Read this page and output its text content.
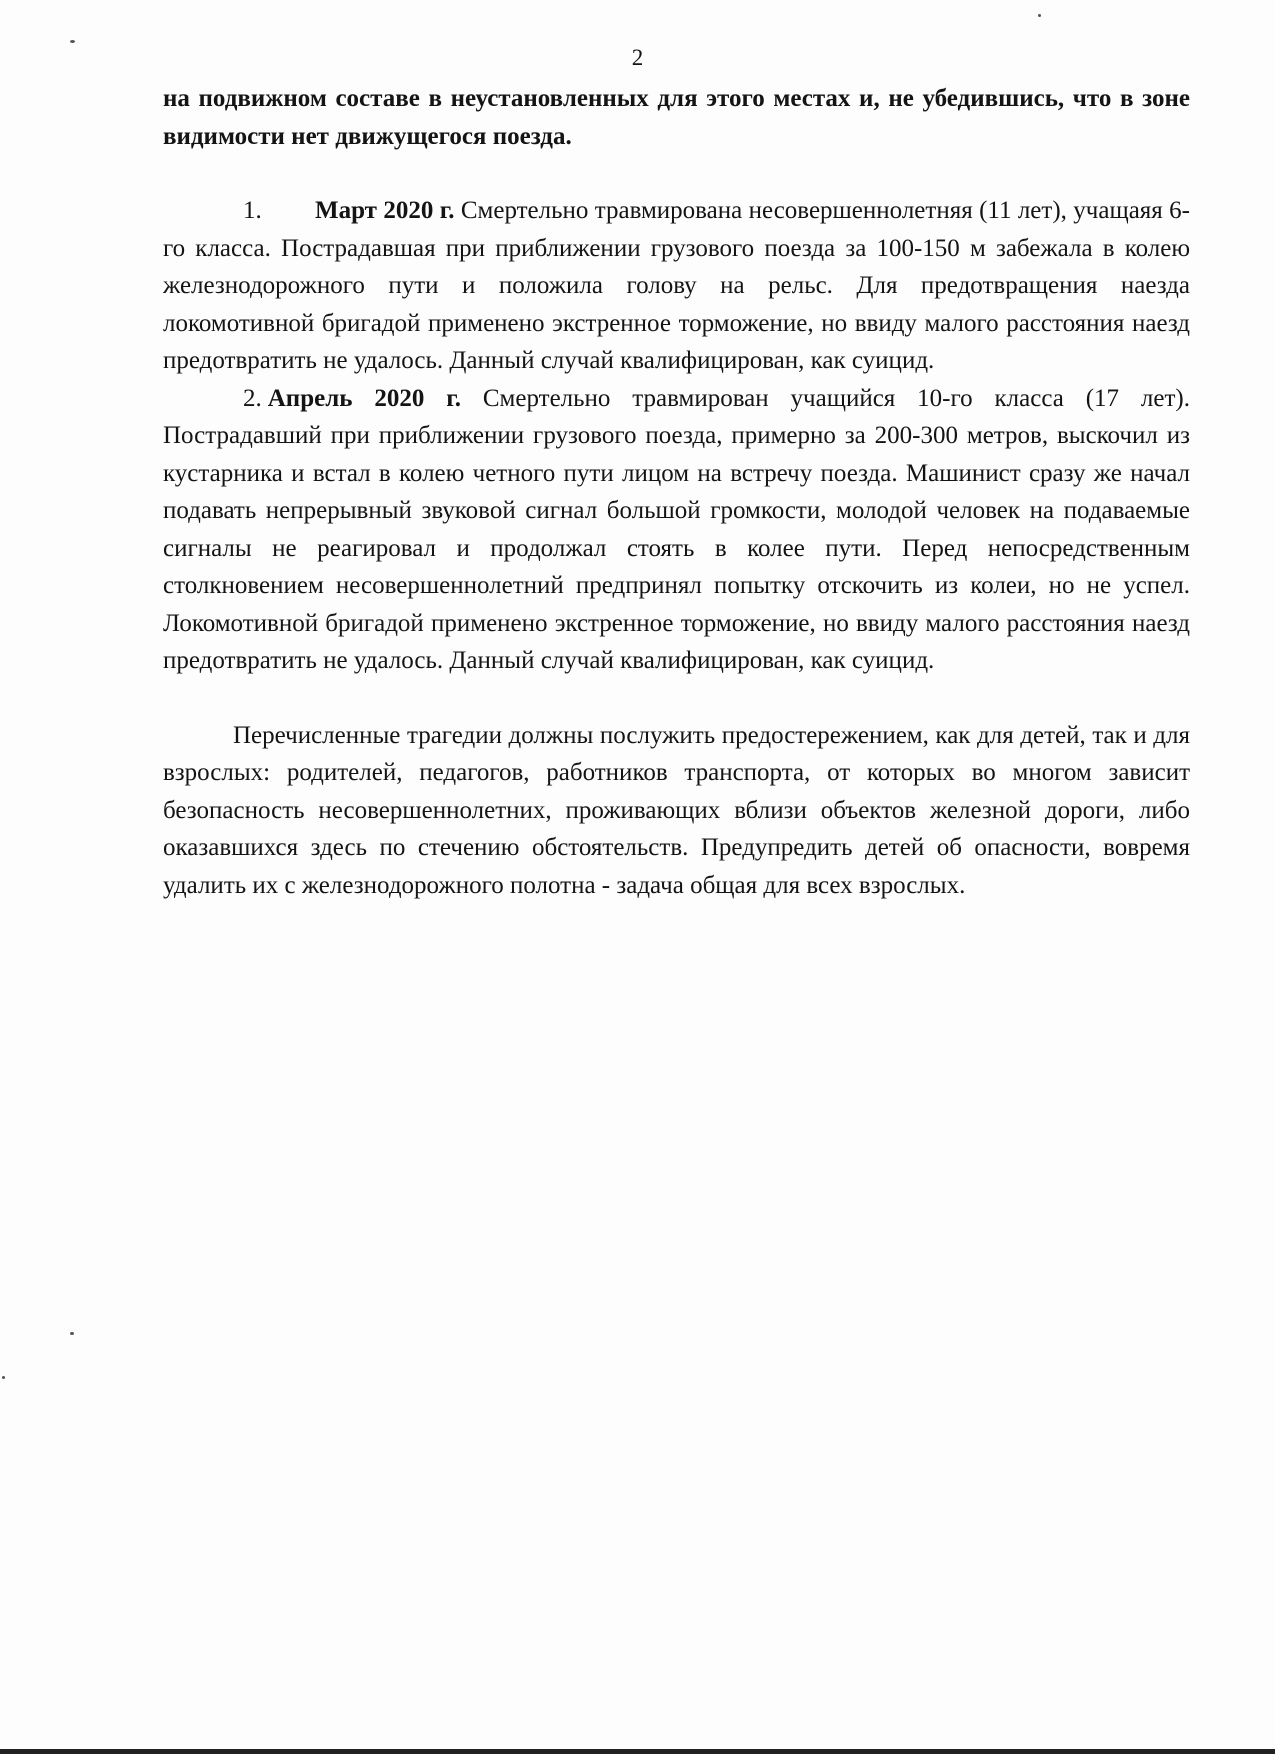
2

на подвижном составе в неустановленных для этого местах и, не убедившись, что в зоне видимости нет движущегося поезда.

1. Март 2020 г. Смертельно травмирована несовершеннолетняя (11 лет), учащаяя 6-го класса. Пострадавшая при приближении грузового поезда за 100-150 м забежала в колею железнодорожного пути и положила голову на рельс. Для предотвращения наезда локомотивной бригадой применено экстренное торможение, но ввиду малого расстояния наезд предотвратить не удалось. Данный случай квалифицирован, как суицид.

2. Апрель 2020 г. Смертельно травмирован учащийся 10-го класса (17 лет). Пострадавший при приближении грузового поезда, примерно за 200-300 метров, выскочил из кустарника и встал в колею четного пути лицом на встречу поезда. Машинист сразу же начал подавать непрерывный звуковой сигнал большой громкости, молодой человек на подаваемые сигналы не реагировал и продолжал стоять в колее пути. Перед непосредственным столкновением несовершеннолетний предпринял попытку отскочить из колеи, но не успел. Локомотивной бригадой применено экстренное торможение, но ввиду малого расстояния наезд предотвратить не удалось. Данный случай квалифицирован, как суицид.

Перечисленные трагедии должны послужить предостережением, как для детей, так и для взрослых: родителей, педагогов, работников транспорта, от которых во многом зависит безопасность несовершеннолетних, проживающих вблизи объектов железной дороги, либо оказавшихся здесь по стечению обстоятельств. Предупредить детей об опасности, вовремя удалить их с железнодорожного полотна - задача общая для всех взрослых.
